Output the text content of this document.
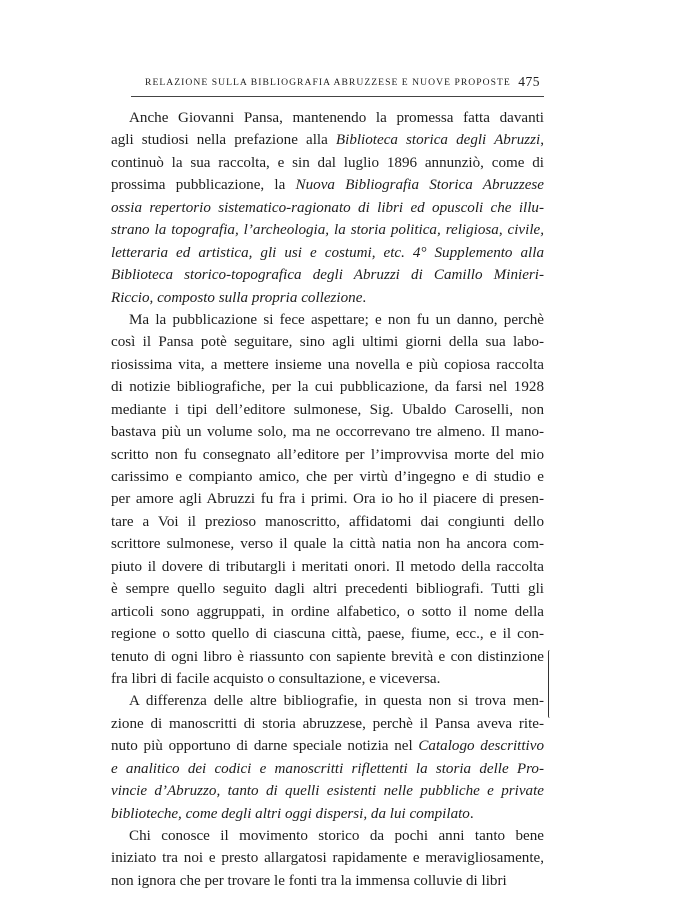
RELAZIONE SULLA BIBLIOGRAFIA ABRUZZESE E NUOVE PROPOSTE 475
Anche Giovanni Pansa, mantenendo la promessa fatta davanti
agli studiosi nella prefazione alla Biblioteca storica degli Abruzzi,
continuò la sua raccolta, e sin dal luglio 1896 annunziò, come di
prossima pubblicazione, la Nuova Bibliografia Storica Abruzzese
ossia repertorio sistematico-ragionato di libri ed opuscoli che illu-
strano la topografia, l’archeologia, la storia politica, religiosa, civile,
letteraria ed artistica, gli usi e costumi, etc. 4° Supplemento alla
Biblioteca storico-topografica degli Abruzzi di Camillo Minieri-
Riccio, composto sulla propria collezione.
Ma la pubblicazione si fece aspettare; e non fu un danno, perchè
così il Pansa potè seguitare, sino agli ultimi giorni della sua labo-
riosissima vita, a mettere insieme una novella e più copiosa raccolta
di notizie bibliografiche, per la cui pubblicazione, da farsi nel 1928
mediante i tipi dell’editore sulmonese, Sig. Ubaldo Caroselli, non
bastava più un volume solo, ma ne occorrevano tre almeno. Il mano-
scritto non fu consegnato all’editore per l’improvvisa morte del mio
carissimo e compianto amico, che per virtù d’ingegno e di studio e
per amore agli Abruzzi fu fra i primi. Ora io ho il piacere di presen-
tare a Voi il prezioso manoscritto, affidatomi dai congiunti dello
scrittore sulmonese, verso il quale la città natia non ha ancora com-
piuto il dovere di tributargli i meritati onori. Il metodo della raccolta
è sempre quello seguito dagli altri precedenti bibliografi. Tutti gli
articoli sono aggruppati, in ordine alfabetico, o sotto il nome della
regione o sotto quello di ciascuna città, paese, fiume, ecc., e il con-
tenuto di ogni libro è riassunto con sapiente brevità e con distinzione
fra libri di facile acquisto o consultazione, e viceversa.
A differenza delle altre bibliografie, in questa non si trova men-
zione di manoscritti di storia abruzzese, perchè il Pansa aveva rite-
nuto più opportuno di darne speciale notizia nel Catalogo descrittivo
e analitico dei codici e manoscritti riflettenti la storia delle Pro-
vincie d’Abruzzo, tanto di quelli esistenti nelle pubbliche e private
biblioteche, come degli altri oggi dispersi, da lui compilato.
Chi conosce il movimento storico da pochi anni tanto bene
iniziato tra noi e presto allargatosi rapidamente e meravigliosamente,
non ignora che per trovare le fonti tra la immensa colluvie di libri
